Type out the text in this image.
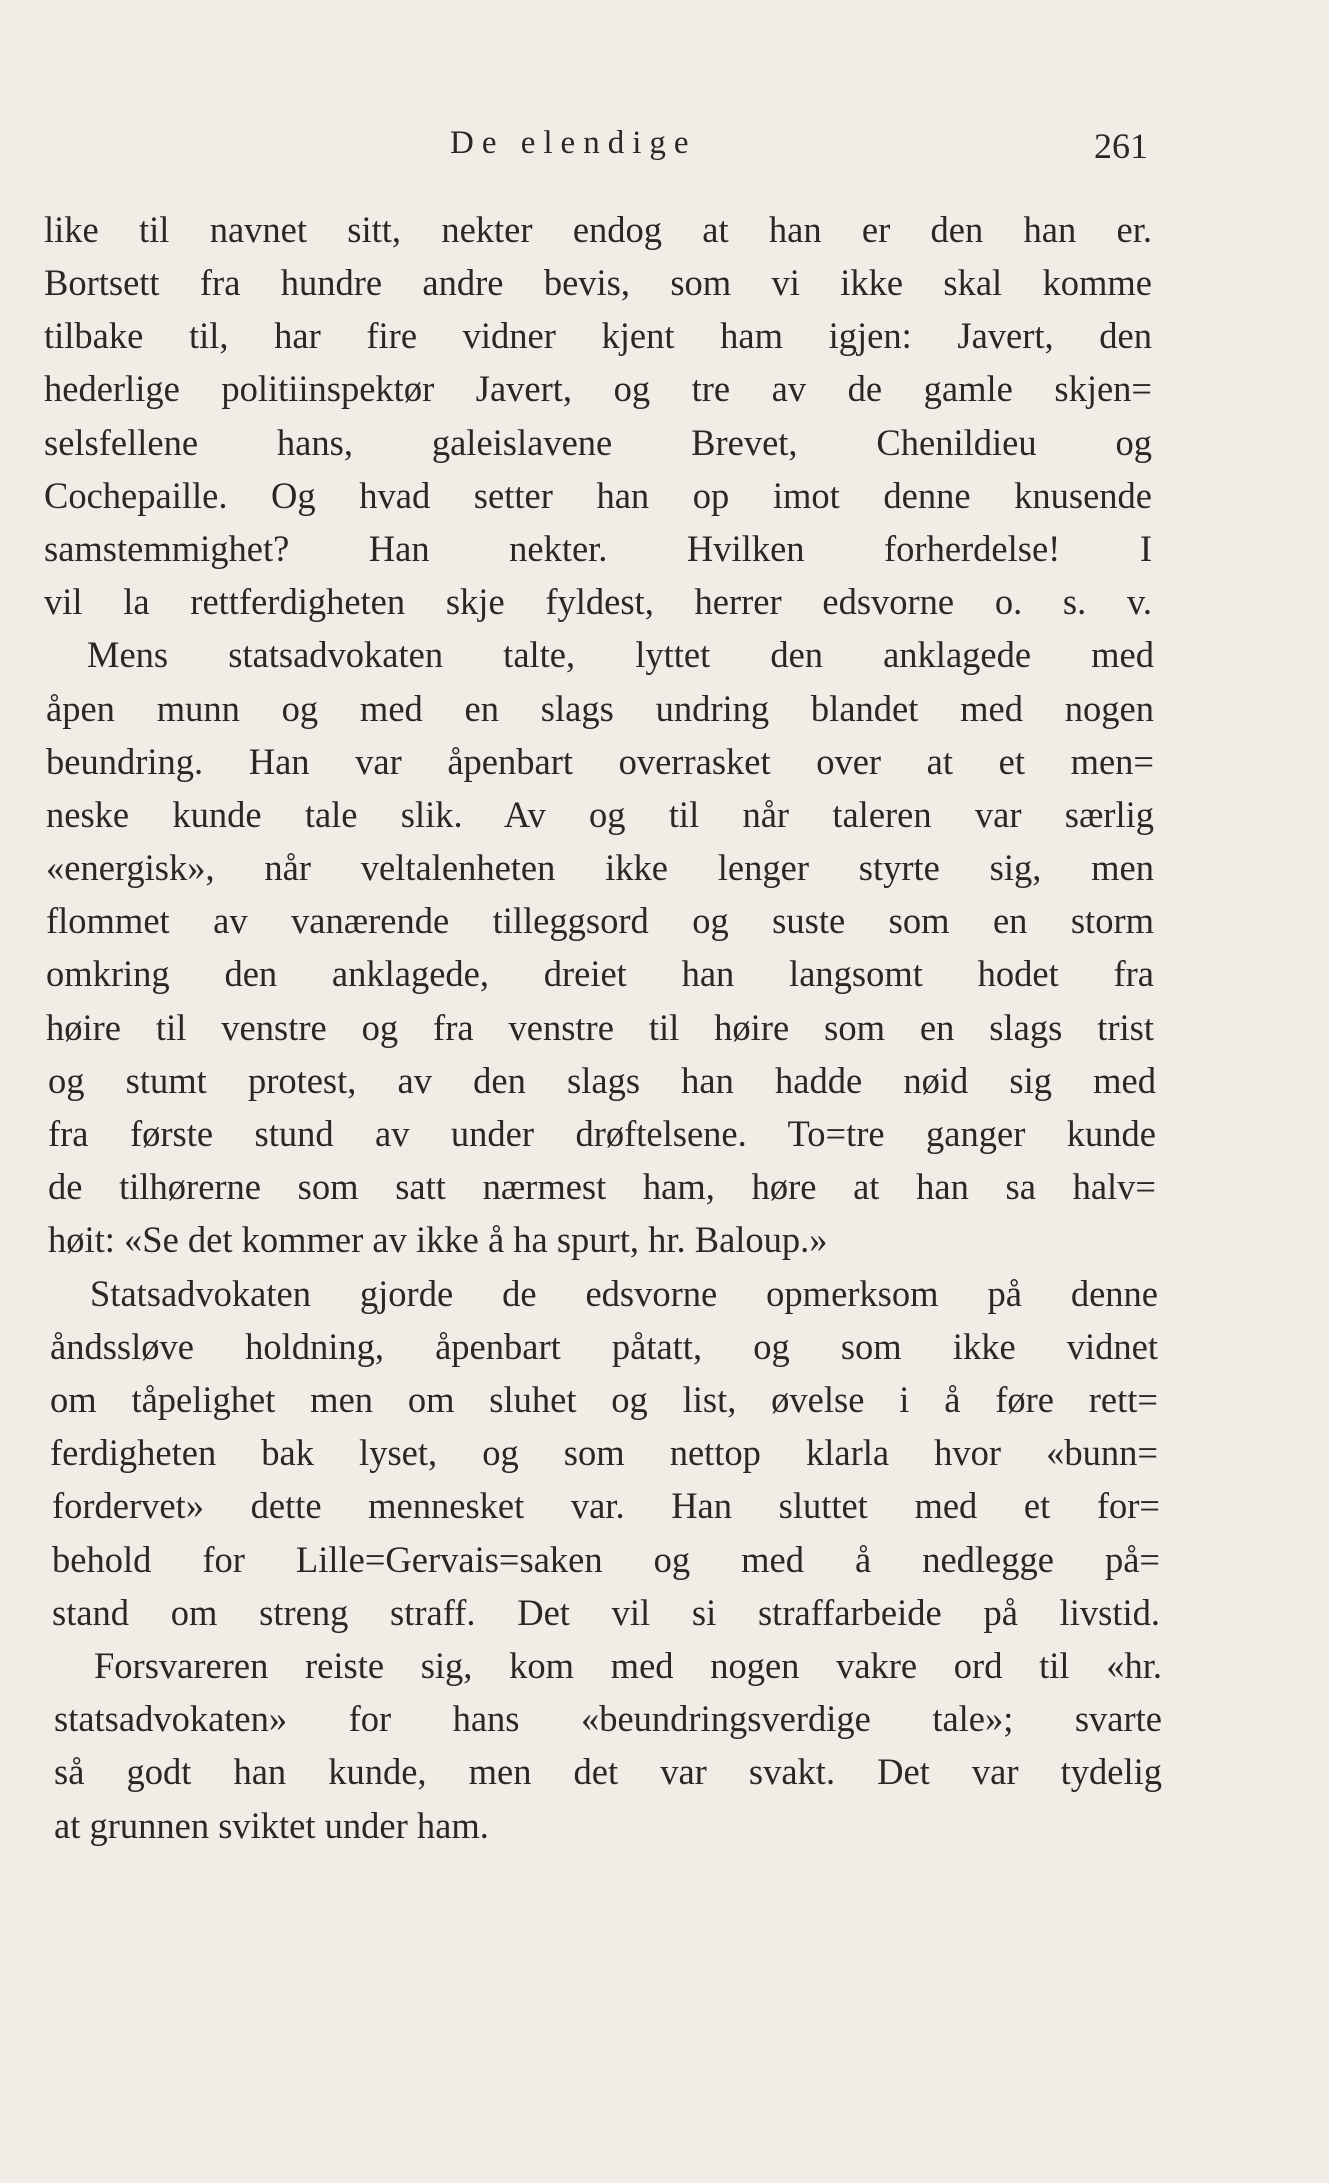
De elendige	261
like til navnet sitt, nekter endog at han er den han er.
Bortsett fra hundre andre bevis, som vi ikke skal komme
tilbake til, har fire vidner kjent ham igjen: Javert, den
hederlige politiinspektør Javert, og tre av de gamle skjen=
selsfellene hans, galeislavene Brevet, Chenildieu og
Cochepaille. Og hvad setter han op imot denne knusende
samstemmighet? Han nekter. Hvilken forherdelse! I
vil la rettferdigheten skje fyldest, herrer edsvorne o. s. v.
Mens statsadvokaten talte, lyttet den anklagede med
åpen munn og med en slags undring blandet med nogen
beundring. Han var åpenbart overrasket over at et men=
neske kunde tale slik. Av og til når taleren var særlig
«energisk», når veltalenheten ikke lenger styrte sig, men
flommet av vanærende tilleggsord og suste som en storm
omkring den anklagede, dreiet han langsomt hodet fra
høire til venstre og fra venstre til høire som en slags trist
og stumt protest, av den slags han hadde nøid sig med
fra første stund av under drøftelsene. To=tre ganger kunde
de tilhørerne som satt nærmest ham, høre at han sa halv=
høit: «Se det kommer av ikke å ha spurt, hr. Baloup.»
Statsadvokaten gjorde de edsvorne opmerksom på denne
åndssløve holdning, åpenbart påtatt, og som ikke vidnet
om tåpelighet men om sluhet og list, øvelse i å føre rett=
ferdigheten bak lyset, og som nettop klarla hvor «bunn=
fordervet» dette mennesket var. Han sluttet med et for=
behold for Lille=Gervais=saken og med å nedlegge på=
stand om streng straff. Det vil si straffarbeide på livstid.
Forsvareren reiste sig, kom med nogen vakre ord til «hr.
statsadvokaten» for hans «beundringsverdige tale»; svarte
så godt han kunde, men det var svakt. Det var tydelig
at grunnen sviktet under ham.
